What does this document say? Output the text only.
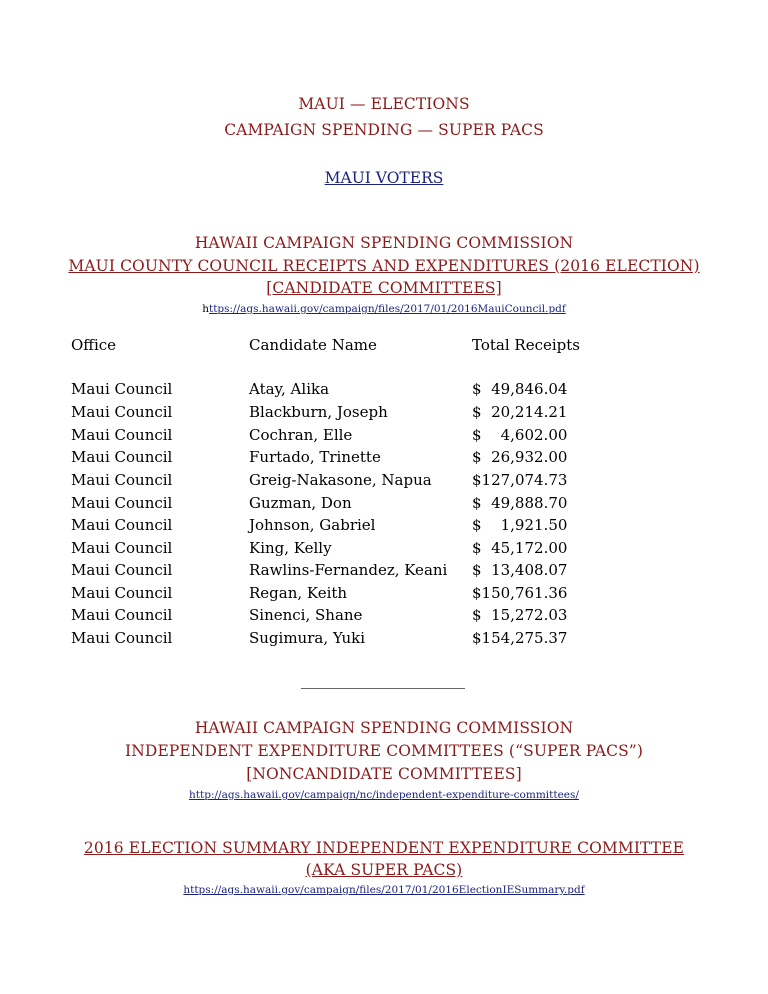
MAUI — ELECTIONS
CAMPAIGN SPENDING — SUPER PACS
MAUI VOTERS
HAWAII CAMPAIGN SPENDING COMMISSION
MAUI COUNTY COUNCIL RECEIPTS AND EXPENDITURES (2016 ELECTION)
[CANDIDATE COMMITTEES]
https://ags.hawaii.gov/campaign/files/2017/01/2016MauiCouncil.pdf
Office	Candidate Name	Total Receipts
Maui Council	Atay, Alika	$  49,846.04
Maui Council	Blackburn, Joseph	$  20,214.21
Maui Council	Cochran, Elle	$    4,602.00
Maui Council	Furtado, Trinette	$  26,932.00
Maui Council	Greig-Nakasone, Napua	$127,074.73
Maui Council	Guzman, Don	$  49,888.70
Maui Council	Johnson, Gabriel	$    1,921.50
Maui Council	King, Kelly	$  45,172.00
Maui Council	Rawlins-Fernandez, Keani $  13,408.07
Maui Council	Regan, Keith	$150,761.36
Maui Council	Sinenci, Shane	$  15,272.03
Maui Council	Sugimura, Yuki	$154,275.37
HAWAII CAMPAIGN SPENDING COMMISSION
INDEPENDENT EXPENDITURE COMMITTEES (“SUPER PACS”)
[NONCANDIDATE COMMITTEES]
http://ags.hawaii.gov/campaign/nc/independent-expenditure-committees/
2016 ELECTION SUMMARY INDEPENDENT EXPENDITURE COMMITTEE
(AKA SUPER PACS)
https://ags.hawaii.gov/campaign/files/2017/01/2016ElectionIESummary.pdf
